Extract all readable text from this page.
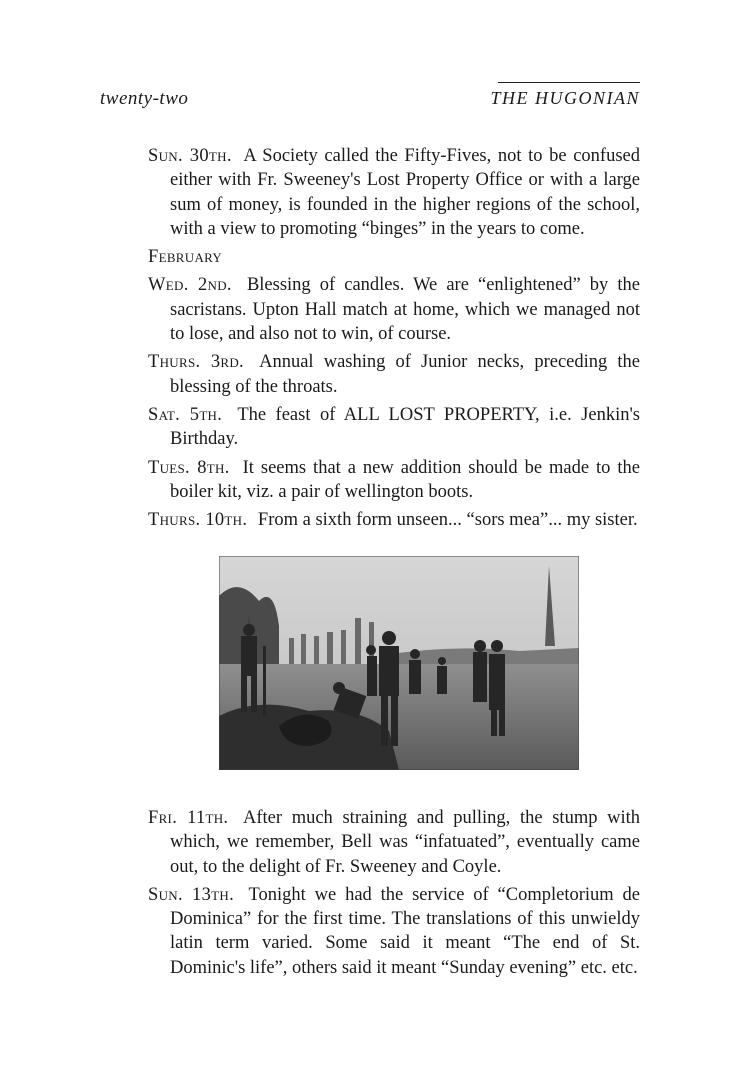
twenty-two	THE HUGONIAN

Sun. 30th. A Society called the Fifty-Fives, not to be confused either with Fr. Sweeney's Lost Property Office or with a large sum of money, is founded in the higher regions of the school, with a view to promoting “binges” in the years to come.

February

Wed. 2nd. Blessing of candles. We are “enlightened” by the sacristans. Upton Hall match at home, which we managed not to lose, and also not to win, of course.

Thurs. 3rd. Annual washing of Junior necks, preceding the blessing of the throats.

Sat. 5th. The feast of ALL LOST PROPERTY, i.e. Jenkin's Birthday.

Tues. 8th. It seems that a new addition should be made to the boiler kit, viz. a pair of wellington boots.

Thurs. 10th. From a sixth form unseen... “sors mea”... my sister.

Fri. 11th. After much straining and pulling, the stump with which, we remember, Bell was “infatuated”, eventually came out, to the delight of Fr. Sweeney and Coyle.

Sun. 13th. Tonight we had the service of “Completorium de Dominica” for the first time. The translations of this unwieldy latin term varied. Some said it meant “The end of St. Dominic's life”, others said it meant “Sunday evening” etc. etc.
